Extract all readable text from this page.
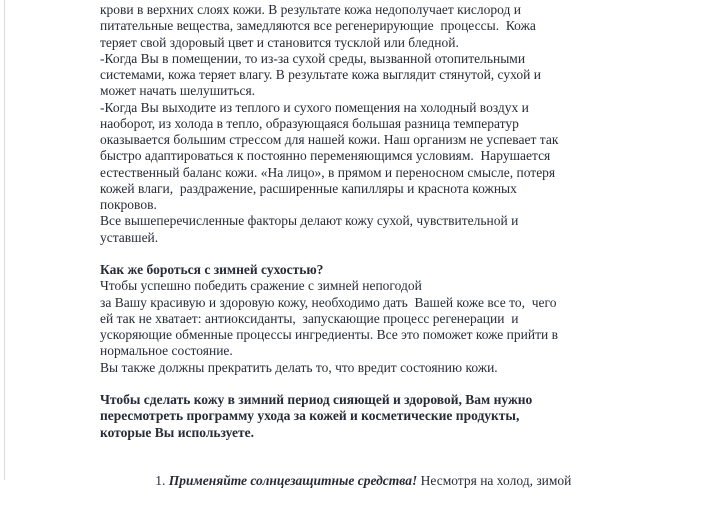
крови в верхних слоях кожи. В результате кожа недополучает кислород и
питательные вещества, замедляются все регенерирующие  процессы.  Кожа
теряет свой здоровый цвет и становится тусклой или бледной.
-Когда Вы в помещении, то из-за сухой среды, вызванной отопительными
системами, кожа теряет влагу. В результате кожа выглядит стянутой, сухой и
может начать шелушиться.
-Когда Вы выходите из теплого и сухого помещения на холодный воздух и
наоборот, из холода в тепло, образующаяся большая разница температур
оказывается большим стрессом для нашей кожи. Наш организм не успевает так
быстро адаптироваться к постоянно переменяющимся условиям.  Нарушается
естественный баланс кожи. «На лицо», в прямом и переносном смысле, потеря
кожей влаги,  раздражение, расширенные капилляры и краснота кожных
покровов.
Все вышеперечисленные факторы делают кожу сухой, чувствительной и
уставшей.
Как же бороться с зимней сухостью?
Чтобы успешно победить сражение с зимней непогодой
за Вашу красивую и здоровую кожу, необходимо дать  Вашей коже все то,  чего
ей так не хватает: антиоксиданты,  запускающие процесс регенерации  и
ускоряющие обменные процессы ингредиенты. Все это поможет коже прийти в
нормальное состояние.
Вы также должны прекратить делать то, что вредит состоянию кожи.
Чтобы сделать кожу в зимний период сияющей и здоровой, Вам нужно
пересмотреть программу ухода за кожей и косметические продукты,
которые Вы используете.

1. Применяйте солнцезащитные средства! Несмотря на холод, зимой
